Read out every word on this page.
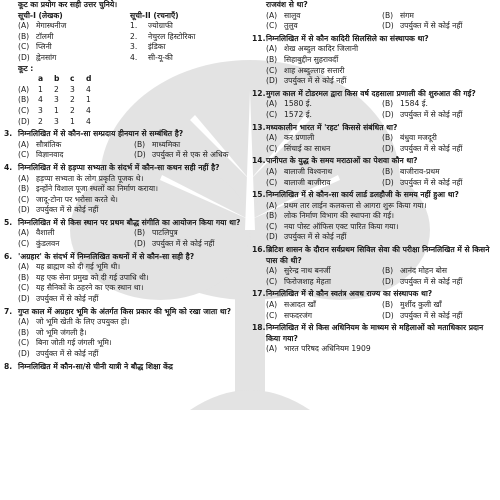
कूट का प्रयोग कर सही उत्तर चुनिये।
सूची-I (लेखक)	सूची-II (रचनाएँ)
(A) मेगास्थनीज	1.	ज्योग्राफी
(B) टॉलमी	2.	नेचुरल हिस्टोरिका
(C) प्लिनी	3.	इंडिका
(D) ह्वेनसांग	4.	सी-यू-की
कूट :
a	b	c	d
(A)	1	2	3	4
(B)	4	3	2	1
(C)	3	1	2	4
(D)	2	3	1	4
3. निम्नलिखित में से कौन-सा सम्प्रदाय हीनयान से सम्बंधित है?
(A) सौत्रांतिक	(B) माध्यमिका
(C) विज्ञानवाद	(D) उपर्युक्त में से एक से अधिक
4. निम्नलिखित में से हड़प्पा सभ्यता के संदर्भ में कौन-सा कथन सही नहीं है?
(A) हड़प्पा सभ्यता के लोग प्रकृति पूजक थे।
(B) इन्होंने विशाल पूजा स्थलों का निर्माण कराया।
(C) जादू-टोना पर भरोसा करते थे।
(D) उपर्युक्त में से कोई नहीं
5. निम्नलिखित में से किस स्थान पर प्रथम बौद्ध संगीति का आयोजन किया गया था?
(A) वैशाली	(B) पाटलिपुत्र
(C) कुंडलवन	(D) उपर्युक्त में से कोई नहीं
6. 'अग्रहार' के संदर्भ में निम्नलिखित कथनों में से कौन-सा सही है?
(A) यह ब्राह्मण को दी गई भूमि थी।
(B) यह एक सेना प्रमुख को दी गई उपाधि थी।
(C) यह सैनिकों के ठहरने का एक स्थान था।
(D) उपर्युक्त में से कोई नहीं
7. गुप्त काल में अग्रहार भूमि के अंतर्गत किस प्रकार की भूमि को रखा जाता था?
(A) जो भूमि खेती के लिए उपयुक्त हो।
(B) जो भूमि जंगली है।
(C) बिना जोती गई जंगली भूमि।
(D) उपर्युक्त में से कोई नहीं
8. निम्नलिखित में कौन-सा/से चीनी यात्री ने बौद्ध शिक्षा केंद्र
राजवंश से था?
(A) सालुव	(B) संगम
(C) तुलुव	(D) उपर्युक्त में से कोई नहीं
11. निम्नलिखित में से कौन कादिरी सिलसिले का संस्थापक था?
(A) शेख अब्दुल कादिर जिलानी
(B) सिहाबुद्दीन सुहरावर्दी
(C) शाह अब्दुल्लाह सत्तारी
(D) उपर्युक्त में से कोई नहीं
12. मुगल काल में टोडरमल द्वारा किस वर्ष दहसाला प्रणाली की शुरुआत की गई?
(A) 1580 ई.	(B) 1584 ई.
(C) 1572 ई.	(D) उपर्युक्त में से कोई नहीं
13. मध्यकालीन भारत में 'रहट' किससे संबंधित था?
(A) कर प्रणाली	(B) बंधुवा मजदूरी
(C) सिंचाई का साधन	(D) उपर्युक्त में से कोई नहीं
14. पानीपत के युद्ध के समय मराठाओं का पेशवा कौन था?
(A) बालाजी विश्वनाथ	(B) बाजीराव-प्रथम
(C) बालाजी बाजीराव	(D) उपर्युक्त में से कोई नहीं
15. निम्नलिखित में से कौन-सा कार्य लार्ड डलहौजी के समय नहीं हुआ था?
(A) प्रथम तार लाईन कलकत्ता से आगरा शुरू किया गया।
(B) लोक निर्माण विभाग की स्थापना की गई।
(C) नया पोस्ट ऑफिस एक्ट पारित किया गया।
(D) उपर्युक्त में से कोई नहीं
16. ब्रिटिश शासन के दौरान सर्वप्रथम सिविल सेवा की परीक्षा निम्नलिखित में से किसने पास की थी?
(A) सुरेन्द्र नाथ बनर्जी	(B) आनंद मोहन बोस
(C) फिरोजशाह मेहता	(D) उपर्युक्त में से कोई नहीं
17. निम्नलिखित में से कौन स्वतंत्र अवध राज्य का संस्थापक था?
(A) सआदत खाँ	(B) मुर्शीद कुली खाँ
(C) सफदरजंग	(D) उपर्युक्त में से कोई नहीं
18. निम्नलिखित में से किस अधिनियम के माध्यम से महिलाओं को मताधिकार प्रदान किया गया?
(A) भारत परिषद अधिनियम 1909
